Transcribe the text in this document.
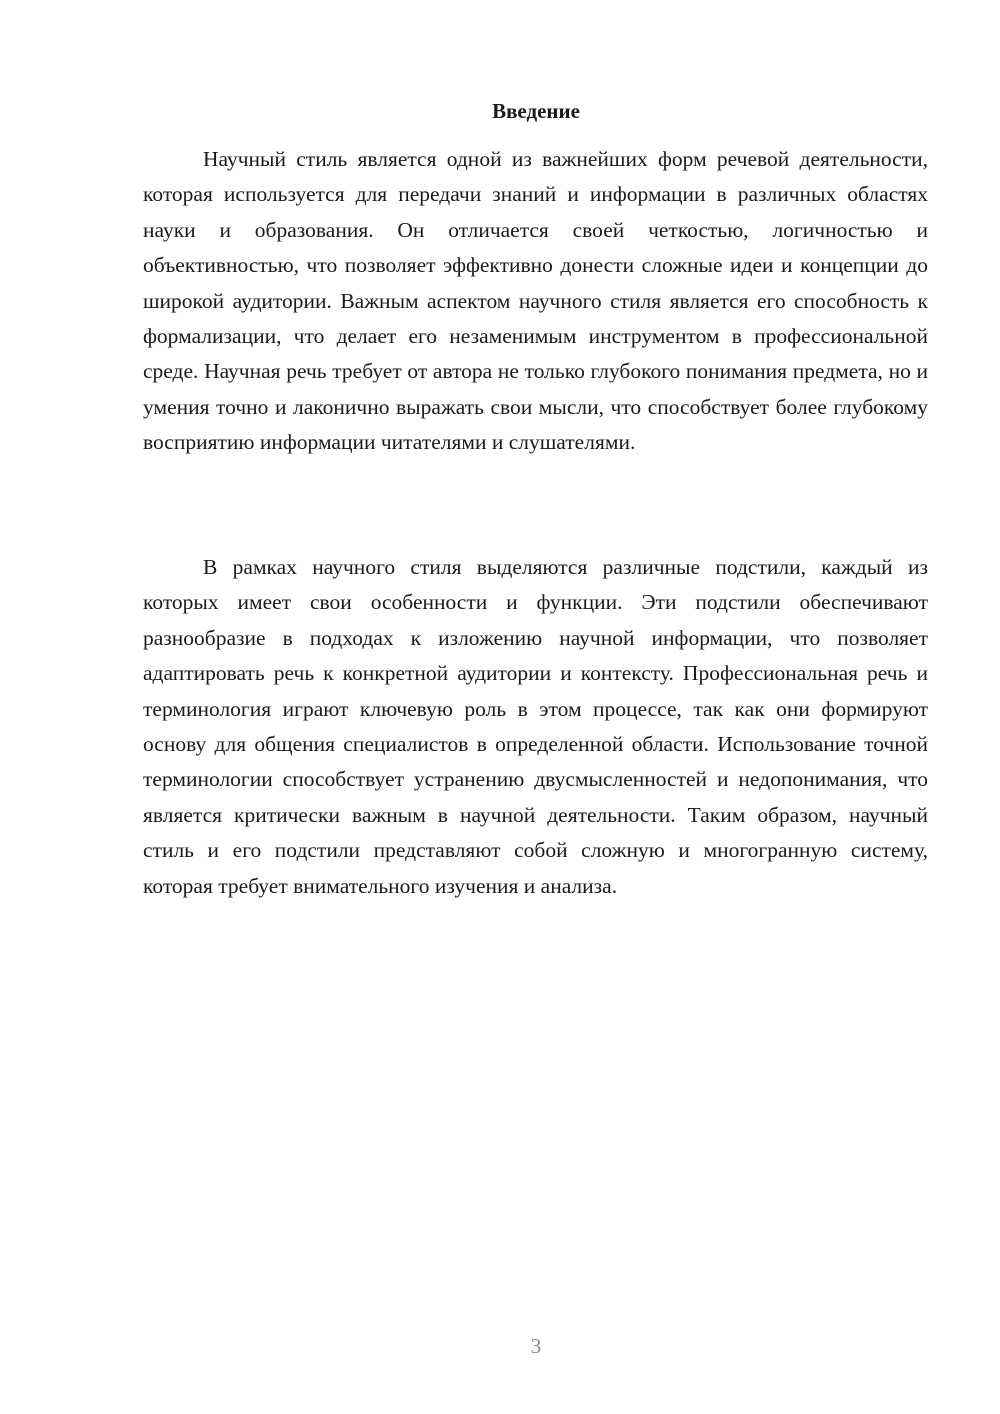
Введение

Научный стиль является одной из важнейших форм речевой деятельности, которая используется для передачи знаний и информации в различных областях науки и образования. Он отличается своей четкостью, логичностью и объективностью, что позволяет эффективно донести сложные идеи и концепции до широкой аудитории. Важным аспектом научного стиля является его способность к формализации, что делает его незаменимым инструментом в профессиональной среде. Научная речь требует от автора не только глубокого понимания предмета, но и умения точно и лаконично выражать свои мысли, что способствует более глубокому восприятию информации читателями и слушателями.

В рамках научного стиля выделяются различные подстили, каждый из которых имеет свои особенности и функции. Эти подстили обеспечивают разнообразие в подходах к изложению научной информации, что позволяет адаптировать речь к конкретной аудитории и контексту. Профессиональная речь и терминология играют ключевую роль в этом процессе, так как они формируют основу для общения специалистов в определенной области. Использование точной терминологии способствует устранению двусмысленностей и недопонимания, что является критически важным в научной деятельности. Таким образом, научный стиль и его подстили представляют собой сложную и многогранную систему, которая требует внимательного изучения и анализа.

3
